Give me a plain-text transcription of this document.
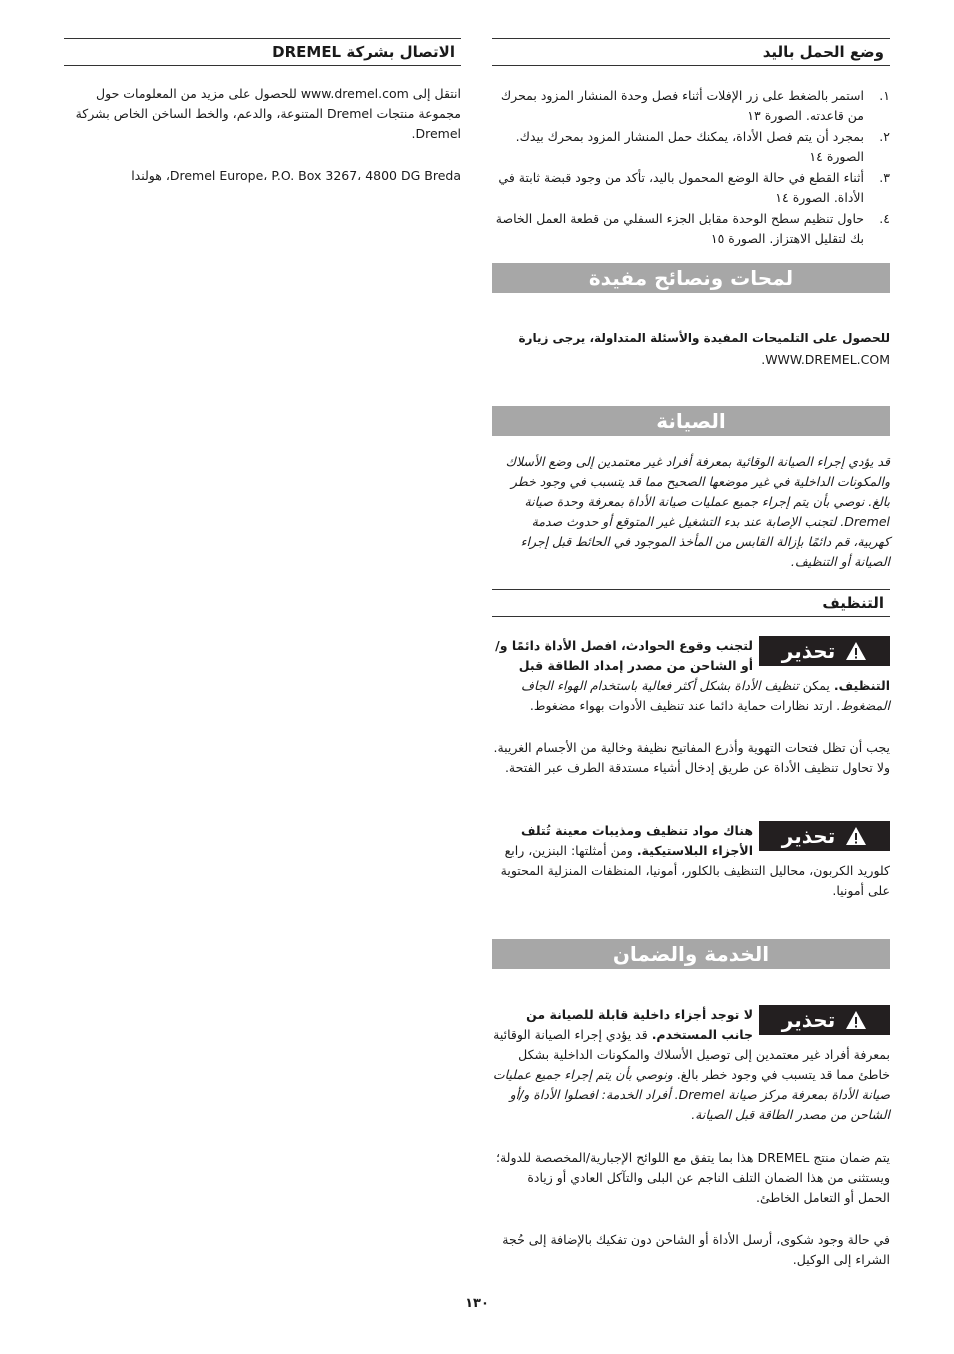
وضع الحمل باليد
١.
استمر بالضغط على زر الإفلات أثناء فصل وحدة المنشار المزود بمحرك من قاعدته. الصورة ١٣
٢.
بمجرد أن يتم فصل الأداة، يمكنك حمل المنشار المزود بمحرك بيدك. الصورة ١٤
٣.
أثناء القطع في حالة الوضع المحمول باليد، تأكد من وجود قبضة ثابتة في الأداة. الصورة ١٤
٤.
حاول تنظيم سطح الوحدة مقابل الجزء السفلي من قطعة العمل الخاصة بك لتقليل الاهتزاز. الصورة ١٥
لمحات ونصائح مفيدة

للحصول على التلميحات المفيدة والأسئلة المتداولة، يرجى زيارة

WWW.DREMEL.COM.

الصيانة

قد يؤدي إجراء الصيانة الوقائية بمعرفة أفراد غير معتمدين إلى وضع الأسلاك والمكونات الداخلية في غير موضعها الصحيح مما قد يتسبب في وجود خطر بالغ. نوصي بأن يتم إجراء جميع عمليات صيانة الأداة بمعرفة وحدة صيانة Dremel. لتجنب الإصابة عند بدء التشغيل غير المتوقع أو حدوث صدمة كهربية، قم دائمًا بإزالة القابس من المأخذ الموجود في الحائط قبل إجراء الصيانة أو التنظيف.

التنظيف
تحذير
لتجنب وقوع الحوادث، افصل الأداة دائمًا و/أو الشاحن من مصدر إمداد الطاقة قبل التنظيف. يمكن تنظيف الأداة بشكل أكثر فعالية باستخدام الهواء الجاف المضغوط. ارتد نظارات حماية دائما عند تنظيف الأدوات بهواء مضغوط.

يجب أن تظل فتحات التهوية وأذرع المفاتيح نظيفة وخالية من الأجسام الغريبة. ولا تحاول تنظيف الأداة عن طريق إدخال أشياء مستدقة الطرف عبر الفتحة.

تحذير
هناك مواد تنظيف ومذيبات معينة تُتلف الأجزاء البلاستيكية. ومن أمثلتها: البنزين، رابع كلوريد الكربون، محاليل التنظيف بالكلور، أمونيا، المنظفات المنزلية المحتوية على أمونيا.
الخدمة والضمان
تحذير
لا توجد أجزاء داخلية قابلة للصيانة من جانب المستخدم. قد يؤدي إجراء الصيانة الوقائية بمعرفة أفراد غير معتمدين إلى توصيل الأسلاك والمكونات الداخلية بشكل خاطئ مما قد يتسبب في وجود خطر بالغ. ونوصي بأن يتم إجراء جميع عمليات صيانة الأداة بمعرفة مركز صيانة Dremel. أفراد الخدمة: افصلوا الأداة و/أو الشاحن من مصدر الطاقة قبل الصيانة.

يتم ضمان منتج DREMEL هذا بما يتفق مع اللوائح الإجبارية/المخصصة للدولة؛ ويستثنى من هذا الضمان التلف الناجم عن البلى والتآكل العادي أو زيادة الحمل أو التعامل الخاطئ.

في حالة وجود شكوى، أرسل الأداة أو الشاحن دون تفكيك بالإضافة إلى حُجة الشراء إلى الوكيل.

الاتصال بشركة DREMEL

انتقل إلى www.dremel.com للحصول على مزيد من المعلومات حول مجموعة منتجات Dremel المتنوعة، والدعم، والخط الساخن الخاص بشركة Dremel.

Dremel Europe، P.O. Box 3267، 4800 DG Breda، هولندا

١٣٠
